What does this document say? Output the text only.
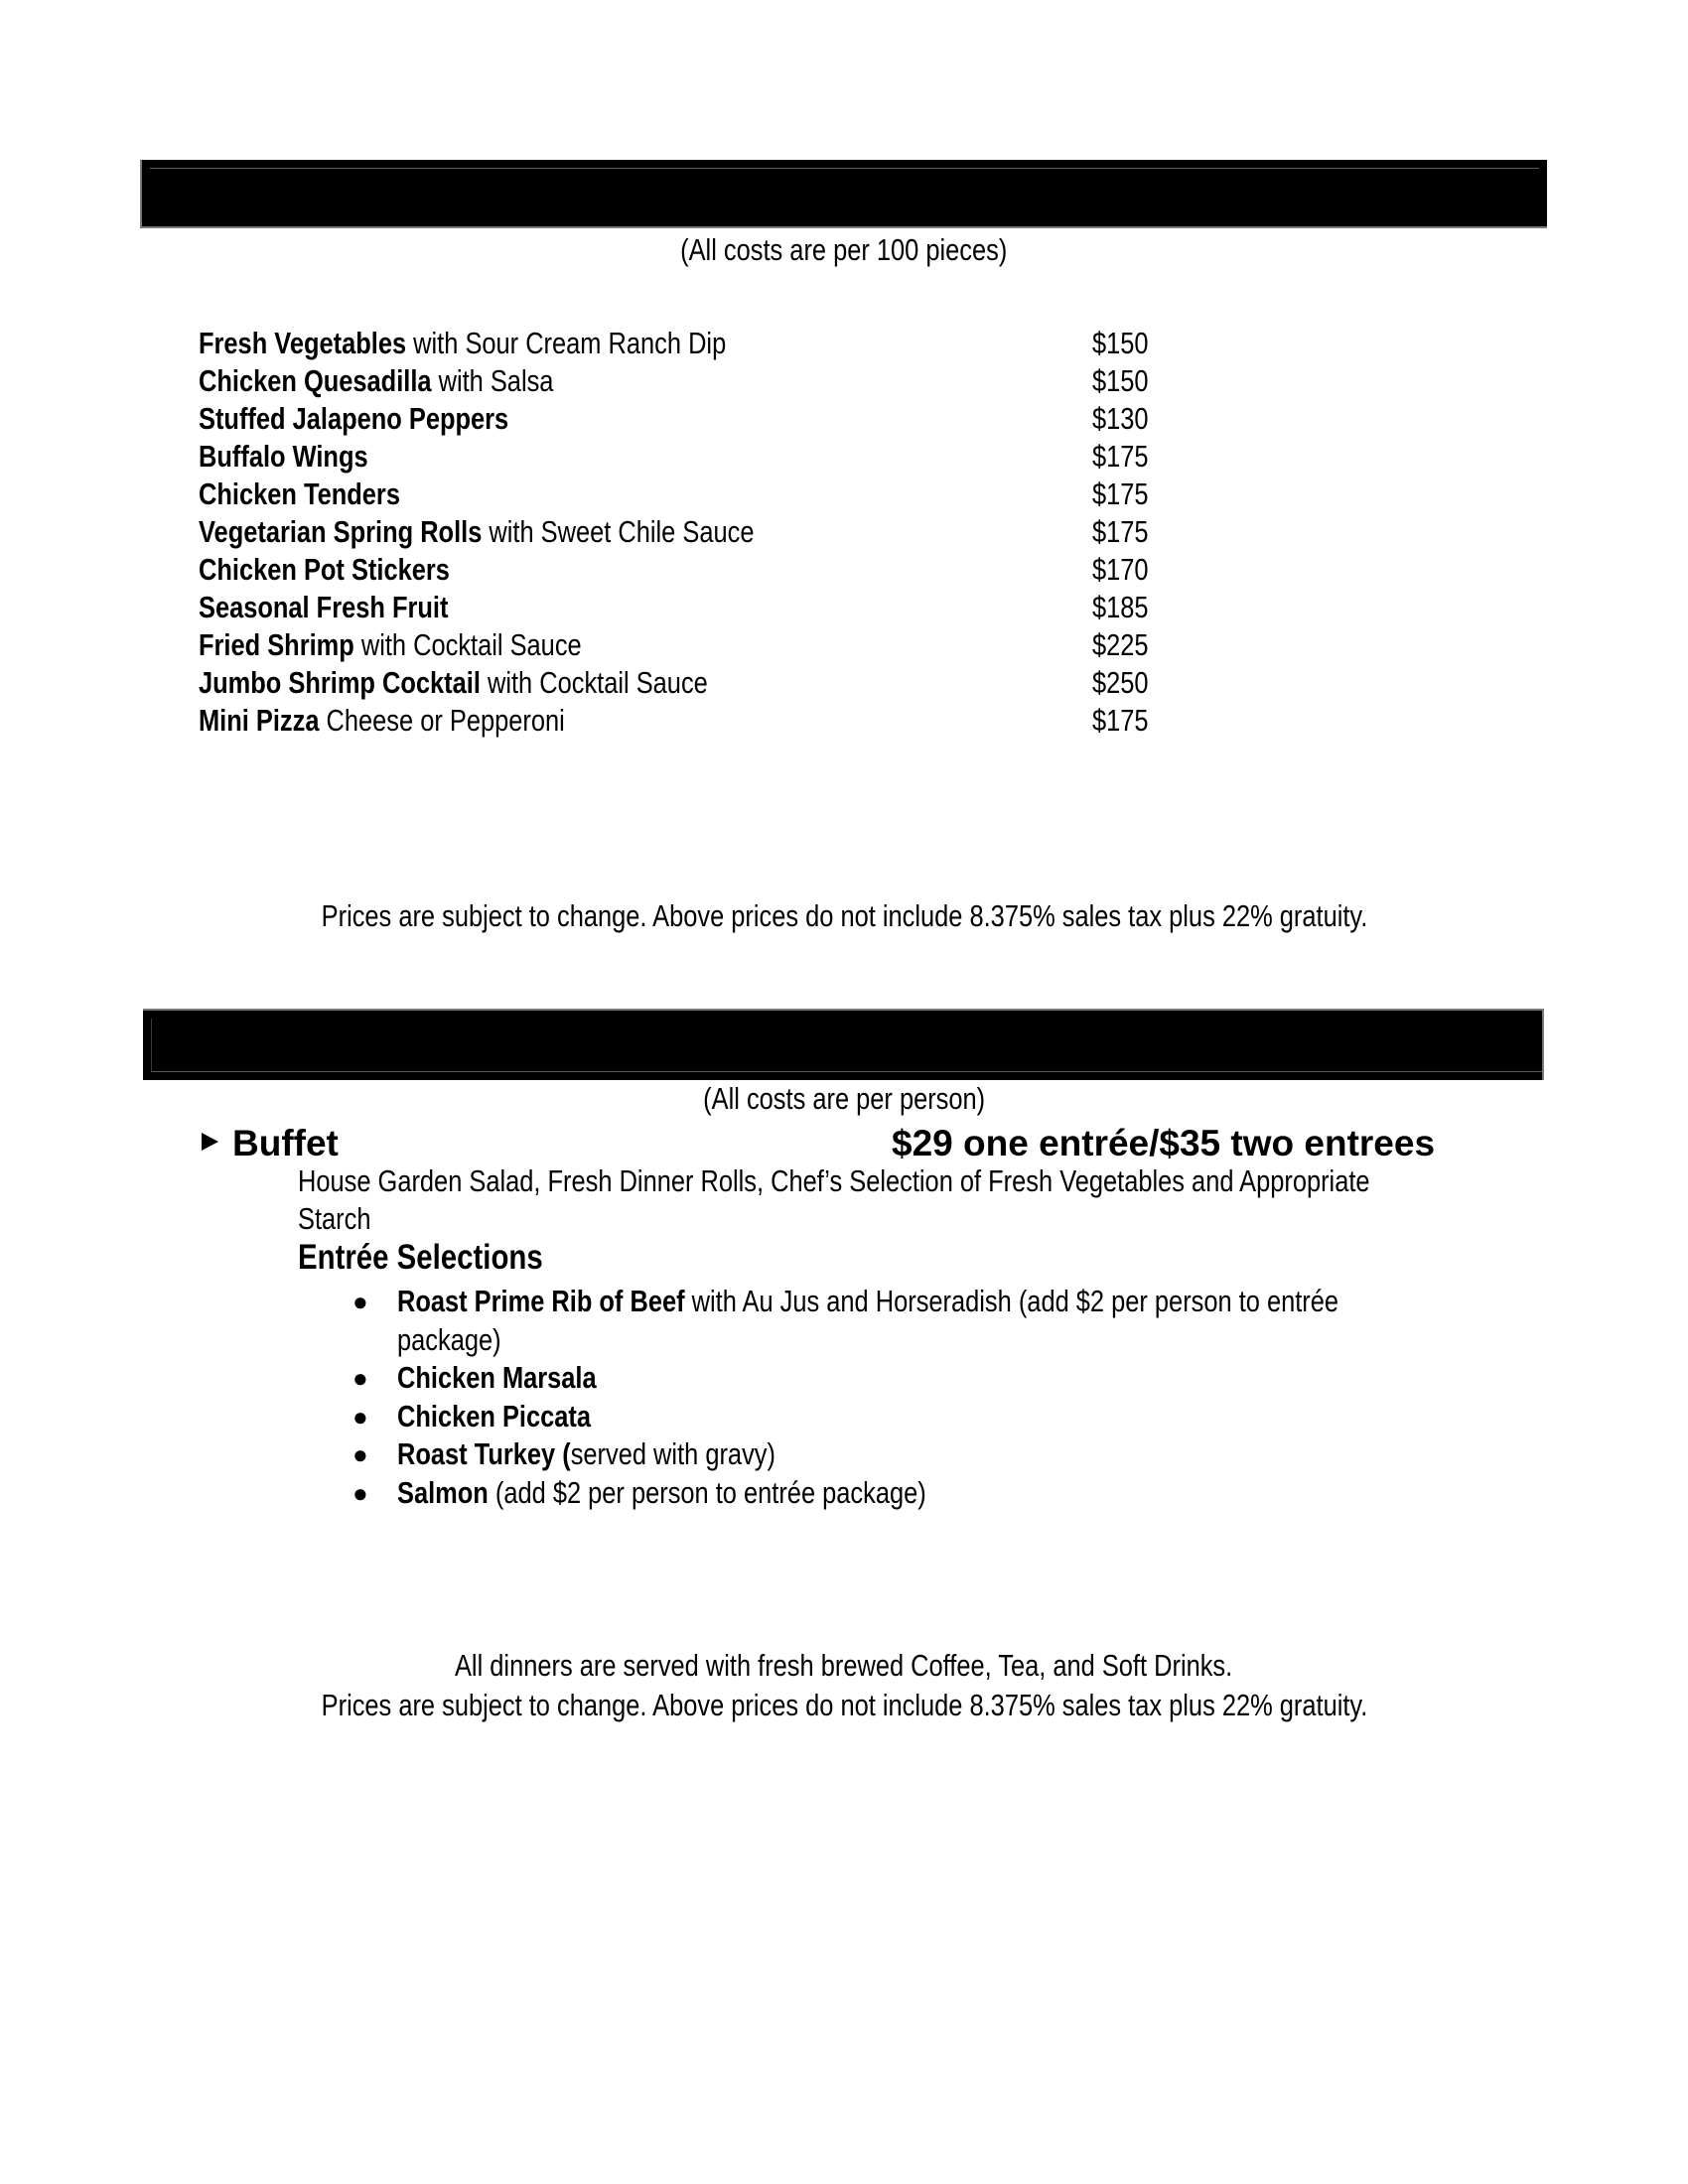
(All costs are per 100 pieces)
Fresh Vegetables with Sour Cream Ranch Dip	$150
Chicken Quesadilla with Salsa	$150
Stuffed Jalapeno Peppers	$130
Buffalo Wings	$175
Chicken Tenders	$175
Vegetarian Spring Rolls with Sweet Chile Sauce	$175
Chicken Pot Stickers	$170
Seasonal Fresh Fruit	$185
Fried Shrimp with Cocktail Sauce	$225
Jumbo Shrimp Cocktail with Cocktail Sauce	$250
Mini Pizza Cheese or Pepperoni	$175
Prices are subject to change. Above prices do not include 8.375% sales tax plus 22% gratuity.
(All costs are per person)
Buffet	$29 one entrée/$35 two entrees
House Garden Salad, Fresh Dinner Rolls, Chef’s Selection of Fresh Vegetables and Appropriate
Starch
Entrée Selections
● Roast Prime Rib of Beef with Au Jus and Horseradish (add $2 per person to entrée
package)
● Chicken Marsala
● Chicken Piccata
● Roast Turkey (served with gravy)
● Salmon (add $2 per person to entrée package)
All dinners are served with fresh brewed Coffee, Tea, and Soft Drinks.
Prices are subject to change. Above prices do not include 8.375% sales tax plus 22% gratuity.
